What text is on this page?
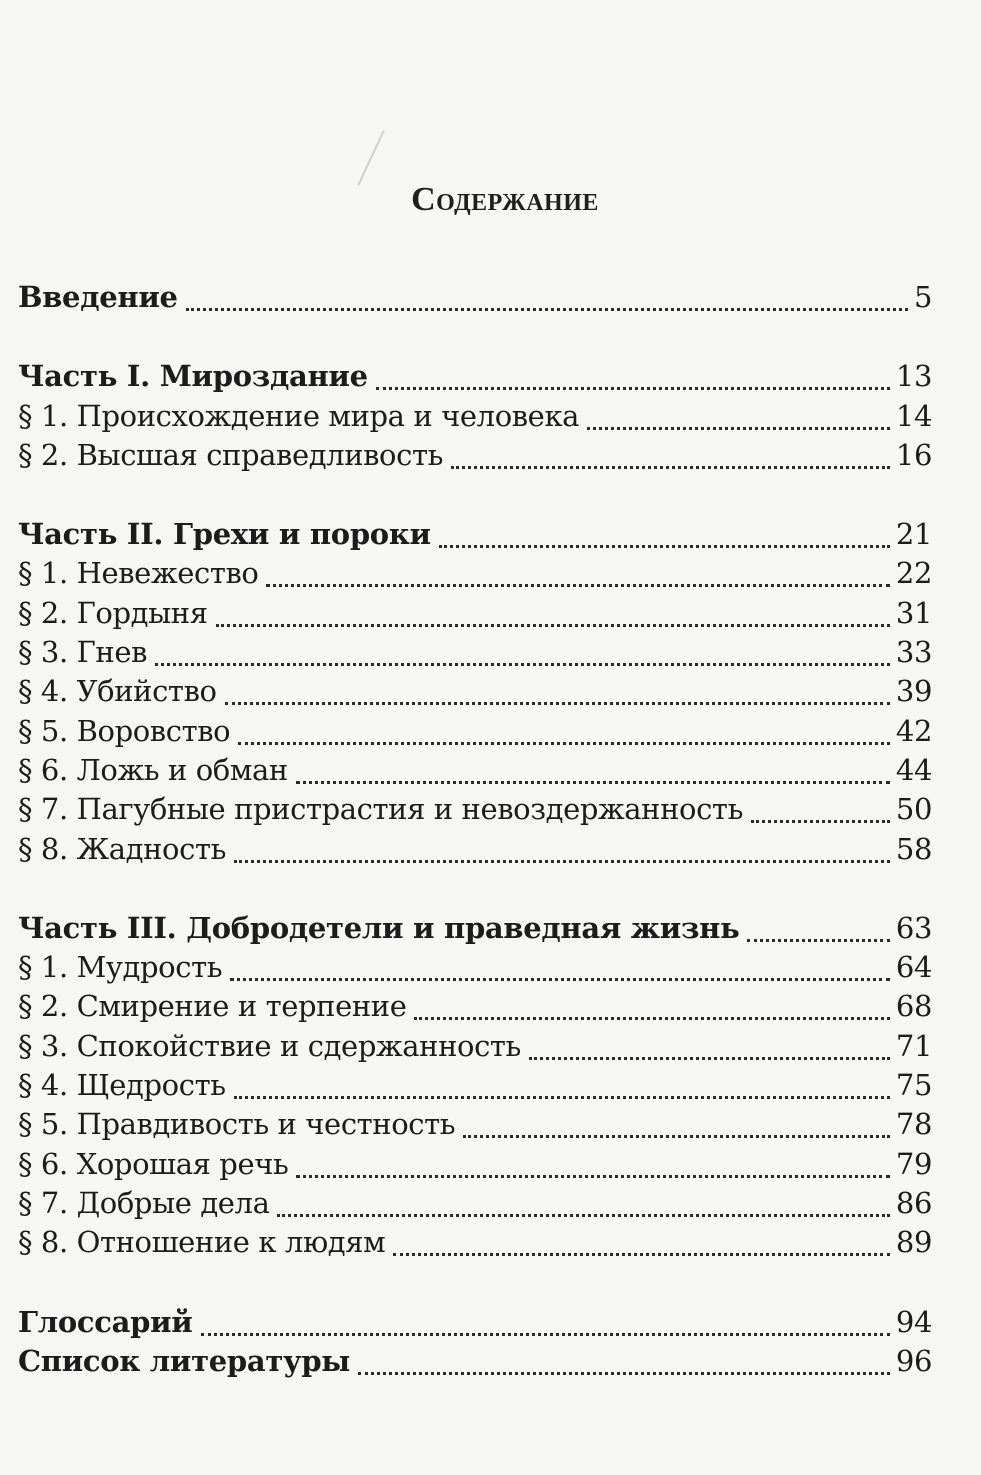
Содержание
Введение	5
Часть I. Мироздание	13
§ 1. Происхождение мира и человека	14
§ 2. Высшая справедливость	16
Часть II. Грехи и пороки	21
§ 1. Невежество	22
§ 2. Гордыня	31
§ 3. Гнев	33
§ 4. Убийство	39
§ 5. Воровство	42
§ 6. Ложь и обман	44
§ 7. Пагубные пристрастия и невоздержанность	50
§ 8. Жадность	58
Часть III. Добродетели и праведная жизнь	63
§ 1. Мудрость	64
§ 2. Смирение и терпение	68
§ 3. Спокойствие и сдержанность	71
§ 4. Щедрость	75
§ 5. Правдивость и честность	78
§ 6. Хорошая речь	79
§ 7. Добрые дела	86
§ 8. Отношение к людям	89
Глоссарий	94
Список литературы	96
